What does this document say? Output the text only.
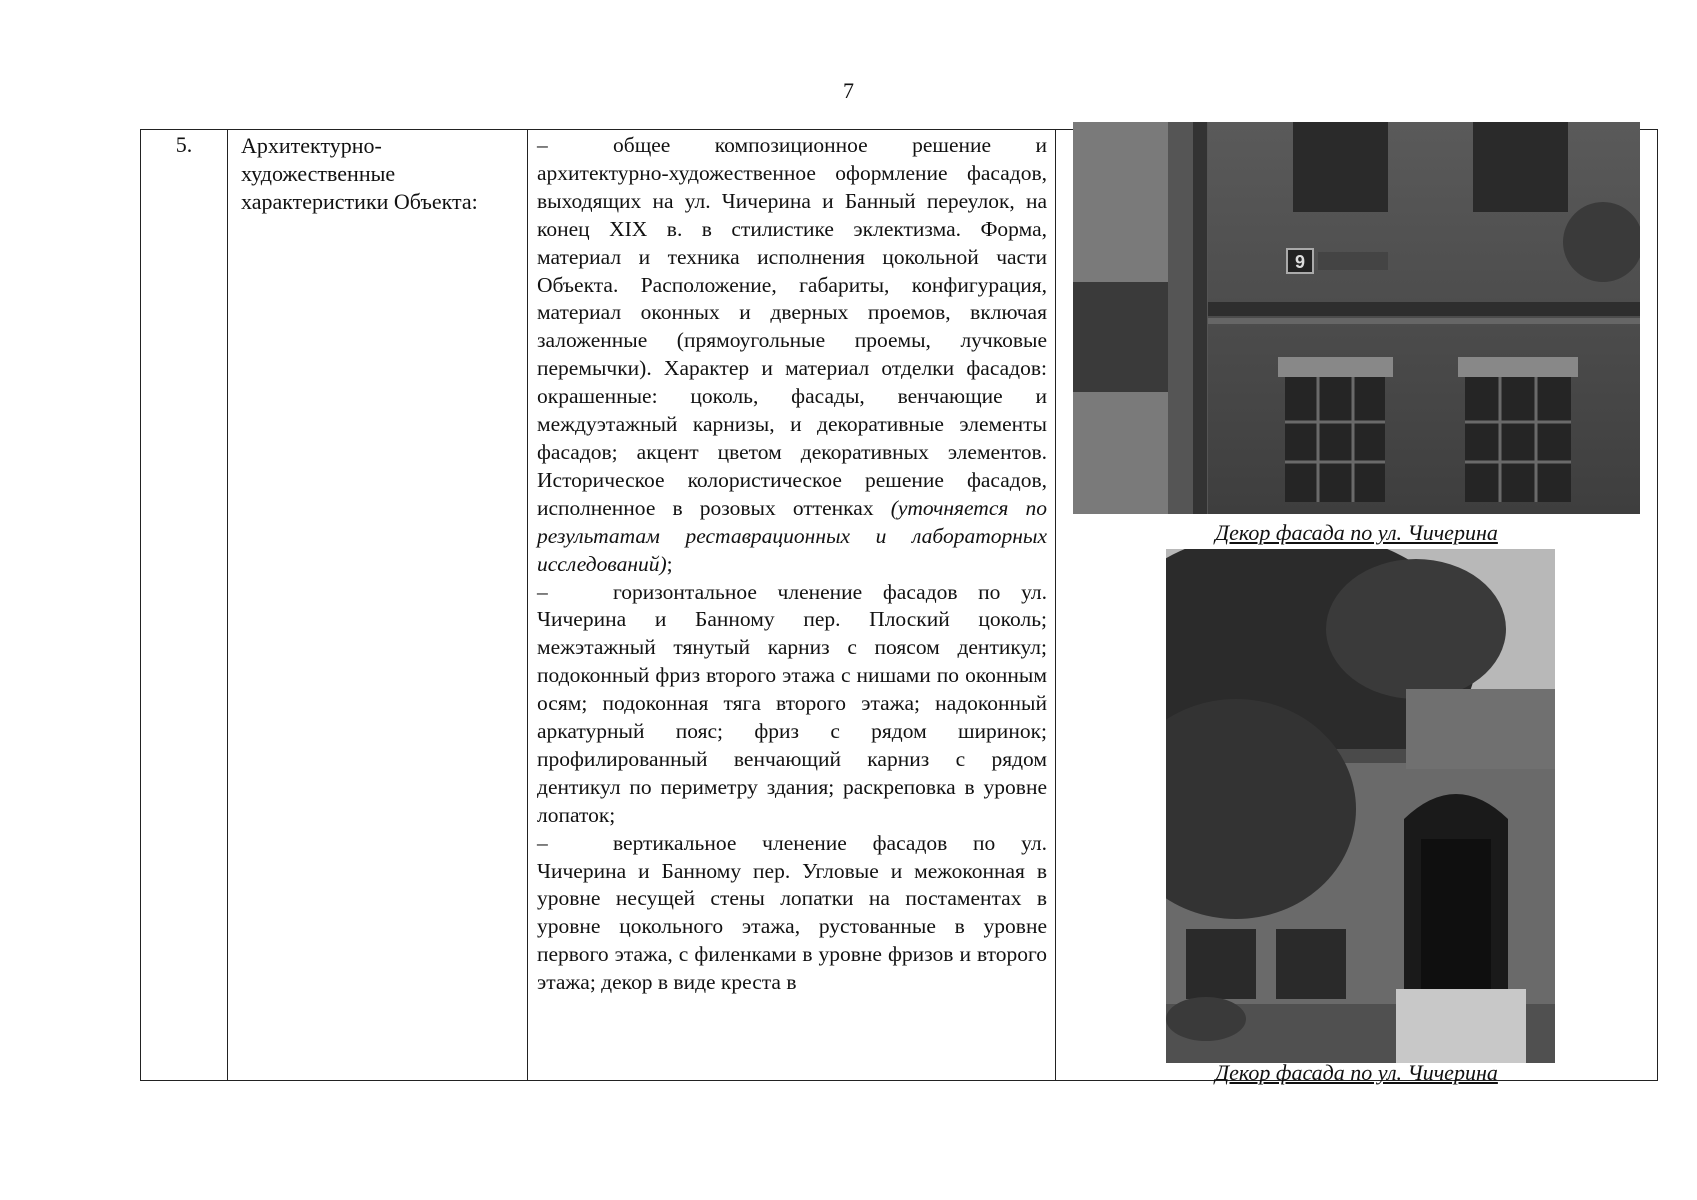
7
5.	Архитектурно-художественные характеристики Объекта:

–	общее композиционное решение и архитектурно-художественное оформление фасадов, выходящих на ул. Чичерина и Банный переулок, на конец XIX в. в стилистике эклектизма. Форма, материал и техника исполнения цокольной части Объекта. Расположение, габариты, конфигурация, материал оконных и дверных проемов, включая заложенные (прямоугольные проемы, лучковые перемычки). Характер и материал отделки фасадов: окрашенные: цоколь, фасады, венчающие и междуэтажный карнизы, и декоративные элементы фасадов; акцент цветом декоративных элементов. Историческое колористическое решение фасадов, исполненное в розовых оттенках (уточняется по результатам реставрационных и лабораторных исследований);

–	горизонтальное членение фасадов по ул. Чичерина и Банному пер. Плоский цоколь; межэтажный тянутый карниз с поясом дентикул; подоконный фриз второго этажа с нишами по оконным осям; подоконная тяга второго этажа; надоконный аркатурный пояс; фриз с рядом ширинок; профилированный венчающий карниз с рядом дентикул по периметру здания; раскреповка в уровне лопаток;

–	вертикальное членение фасадов по ул. Чичерина и Банному пер. Угловые и межоконная в уровне несущей стены лопатки на постаментах в уровне цокольного этажа, рустованные в уровне первого этажа, с филенками в уровне фризов и второго этажа; декор в виде креста в

9
Декор фасада по ул. Чичерина
Декор фасада по ул. Чичерина
